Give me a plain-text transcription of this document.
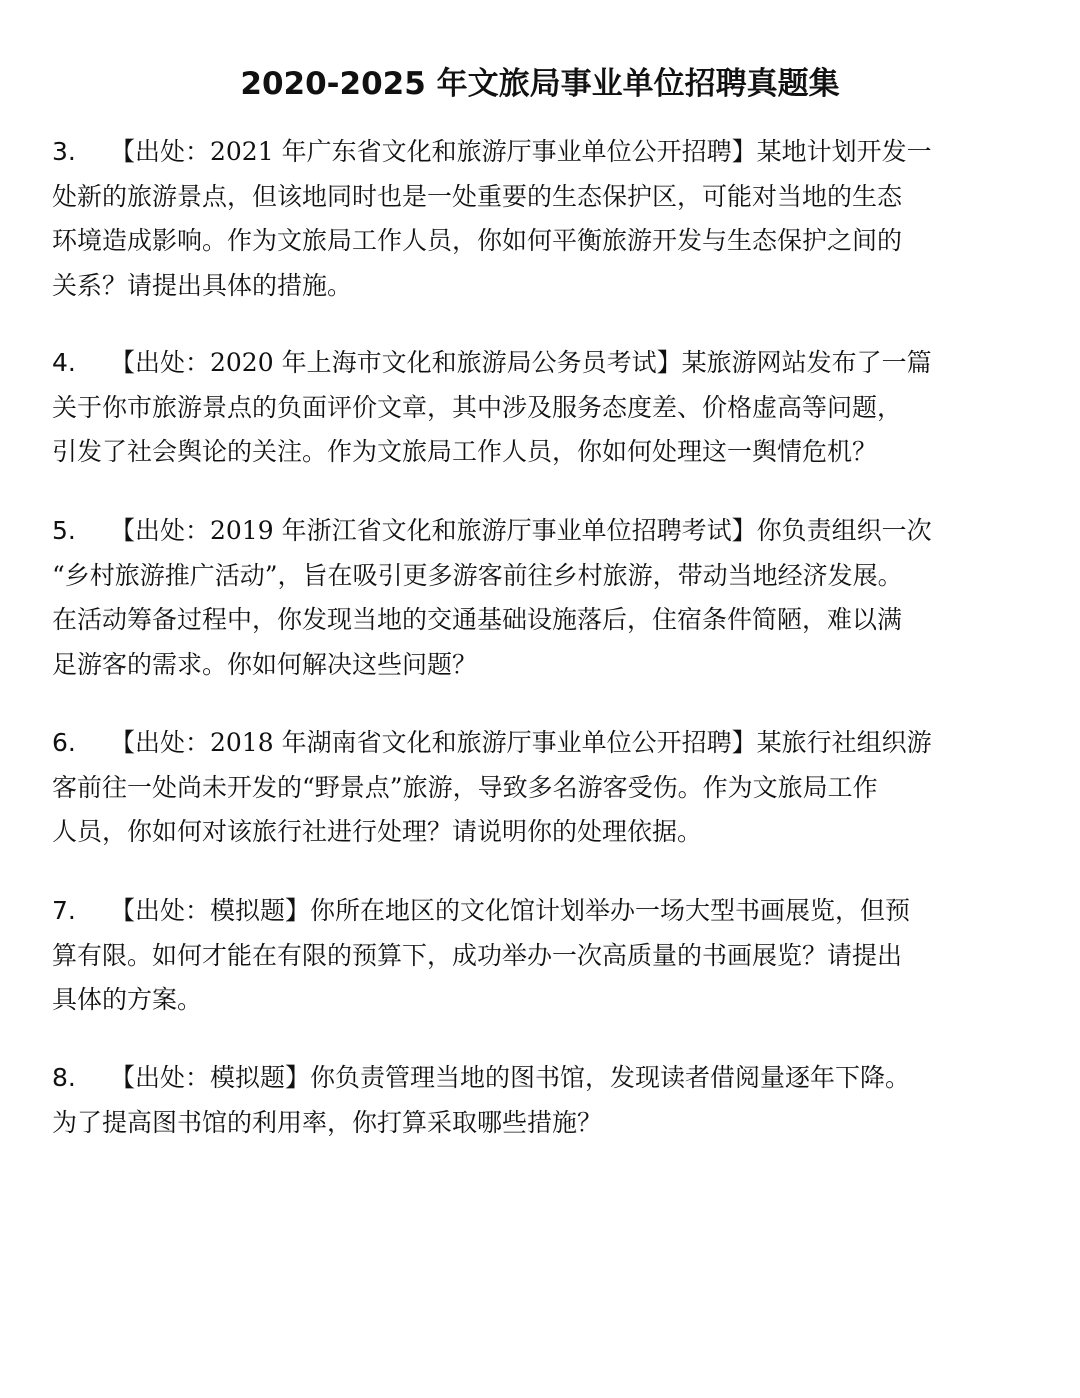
2020-2025 年文旅局事业单位招聘真题集
3. 【出处：2021 年广东省文化和旅游厅事业单位公开招聘】某地计划开发一
处新的旅游景点，但该地同时也是一处重要的生态保护区，可能对当地的生态
环境造成影响。作为文旅局工作人员，你如何平衡旅游开发与生态保护之间的
关系？请提出具体的措施。
4. 【出处：2020 年上海市文化和旅游局公务员考试】某旅游网站发布了一篇
关于你市旅游景点的负面评价文章，其中涉及服务态度差、价格虚高等问题，
引发了社会舆论的关注。作为文旅局工作人员，你如何处理这一舆情危机？
5. 【出处：2019 年浙江省文化和旅游厅事业单位招聘考试】你负责组织一次
“乡村旅游推广活动”，旨在吸引更多游客前往乡村旅游，带动当地经济发展。
在活动筹备过程中，你发现当地的交通基础设施落后，住宿条件简陋，难以满
足游客的需求。你如何解决这些问题？
6. 【出处：2018 年湖南省文化和旅游厅事业单位公开招聘】某旅行社组织游
客前往一处尚未开发的“野景点”旅游，导致多名游客受伤。作为文旅局工作
人员，你如何对该旅行社进行处理？请说明你的处理依据。
7. 【出处：模拟题】你所在地区的文化馆计划举办一场大型书画展览，但预
算有限。如何才能在有限的预算下，成功举办一次高质量的书画展览？请提出
具体的方案。
8. 【出处：模拟题】你负责管理当地的图书馆，发现读者借阅量逐年下降。
为了提高图书馆的利用率，你打算采取哪些措施？
